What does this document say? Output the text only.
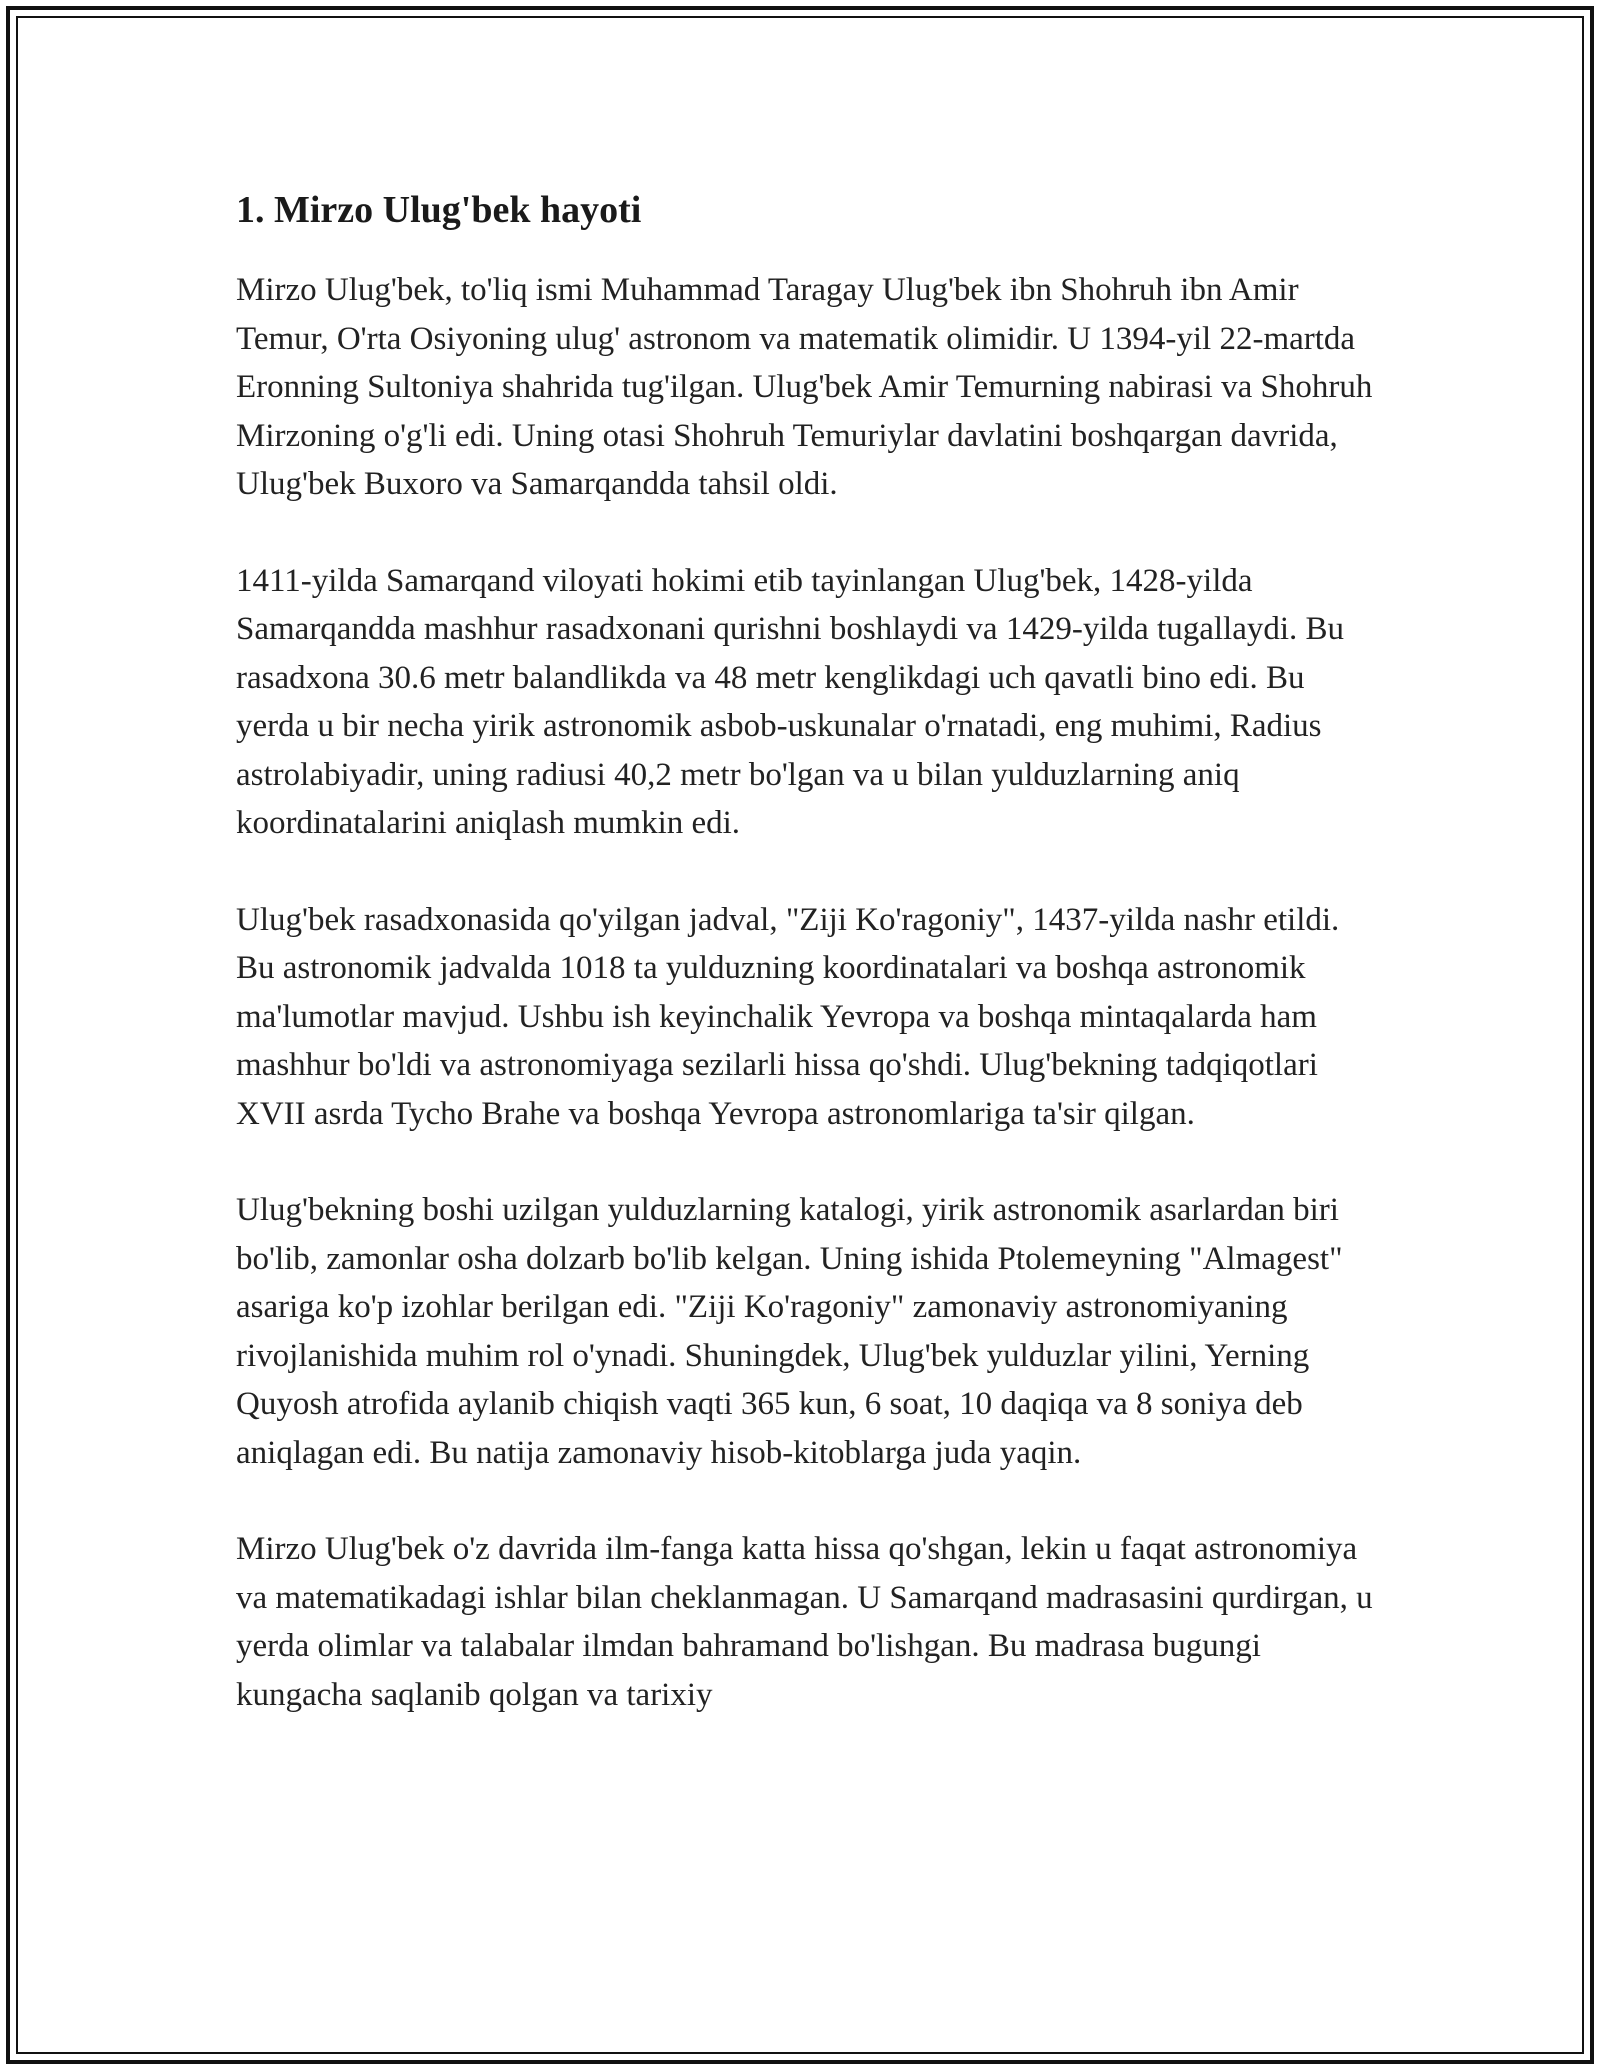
1. Mirzo Ulug'bek hayoti

Mirzo Ulug'bek, to'liq ismi Muhammad Taragay Ulug'bek ibn Shohruh ibn Amir Temur, O'rta Osiyoning ulug' astronom va matematik olimidir. U 1394-yil 22-martda Eronning Sultoniya shahrida tug'ilgan. Ulug'bek Amir Temurning nabirasi va Shohruh Mirzoning o'g'li edi. Uning otasi Shohruh Temuriylar davlatini boshqargan davrida, Ulug'bek Buxoro va Samarqandda tahsil oldi.

1411-yilda Samarqand viloyati hokimi etib tayinlangan Ulug'bek, 1428-yilda Samarqandda mashhur rasadxonani qurishni boshlaydi va 1429-yilda tugallaydi. Bu rasadxona 30.6 metr balandlikda va 48 metr kenglikdagi uch qavatli bino edi. Bu yerda u bir necha yirik astronomik asbob-uskunalar o'rnatadi, eng muhimi, Radius astrolabiyadir, uning radiusi 40,2 metr bo'lgan va u bilan yulduzlarning aniq koordinatalarini aniqlash mumkin edi.

Ulug'bek rasadxonasida qo'yilgan jadval, "Ziji Ko'ragoniy", 1437-yilda nashr etildi. Bu astronomik jadvalda 1018 ta yulduzning koordinatalari va boshqa astronomik ma'lumotlar mavjud. Ushbu ish keyinchalik Yevropa va boshqa mintaqalarda ham mashhur bo'ldi va astronomiyaga sezilarli hissa qo'shdi. Ulug'bekning tadqiqotlari XVII asrda Tycho Brahe va boshqa Yevropa astronomlariga ta'sir qilgan.

Ulug'bekning boshi uzilgan yulduzlarning katalogi, yirik astronomik asarlardan biri bo'lib, zamonlar osha dolzarb bo'lib kelgan. Uning ishida Ptolemeyning "Almagest" asariga ko'p izohlar berilgan edi. "Ziji Ko'ragoniy" zamonaviy astronomiyaning rivojlanishida muhim rol o'ynadi. Shuningdek, Ulug'bek yulduzlar yilini, Yerning Quyosh atrofida aylanib chiqish vaqti 365 kun, 6 soat, 10 daqiqa va 8 soniya deb aniqlagan edi. Bu natija zamonaviy hisob-kitoblarga juda yaqin.

Mirzo Ulug'bek o'z davrida ilm-fanga katta hissa qo'shgan, lekin u faqat astronomiya va matematikadagi ishlar bilan cheklanmagan. U Samarqand madrasasini qurdirgan, u yerda olimlar va talabalar ilmdan bahramand bo'lishgan. Bu madrasa bugungi kungacha saqlanib qolgan va tarixiy
